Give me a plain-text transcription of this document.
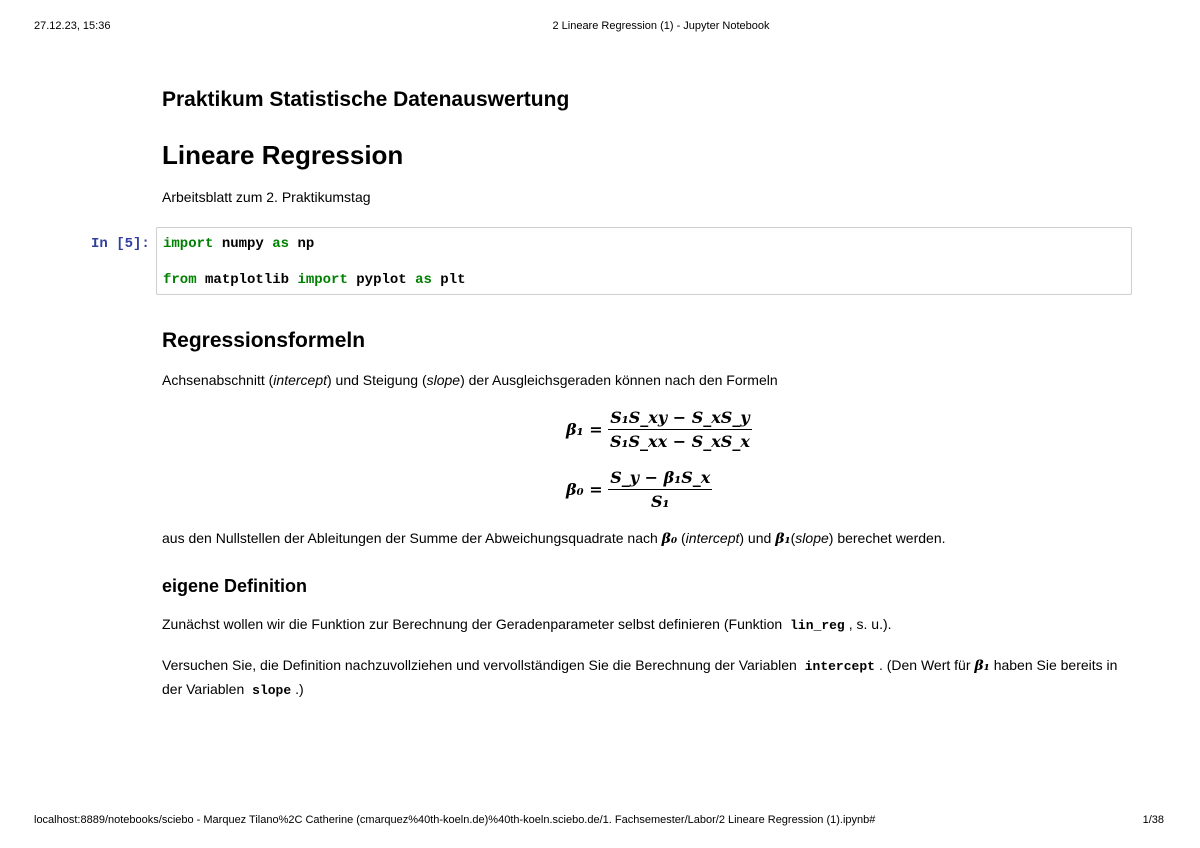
27.12.23, 15:36	2 Lineare Regression (1) - Jupyter Notebook
Praktikum Statistische Datenauswertung
Lineare Regression
Arbeitsblatt zum 2. Praktikumstag
In [5]: import numpy as np
from matplotlib import pyplot as plt
Regressionsformeln
Achsenabschnitt (intercept) und Steigung (slope) der Ausgleichsgeraden können nach den Formeln
$\beta_1 = \frac{\text{S₁S\_xy − S\_xS\_y}}{\text{S₁S\_xx − S\_xS\_x}}$
$\beta_0 = \frac{\text{S\_y − β₁S\_x}}{\text{S₁}}$
aus den Nullstellen der Ableitungen der Summe der Abweichungsquadrate nach β₀ (intercept) und β₁(slope) berechet werden.
eigene Definition
Zunächst wollen wir die Funktion zur Berechnung der Geradenparameter selbst definieren (Funktion lin_reg , s. u.).
Versuchen Sie, die Definition nachzuvollziehen und vervollständigen Sie die Berechnung der Variablen intercept . (Den Wert für β₁ haben Sie bereits in der Variablen slope .)
localhost:8889/notebooks/sciebo - Marquez Tilano%2C Catherine (cmarquez%40th-koeln.de)%40th-koeln.sciebo.de/1. Fachsemester/Labor/2 Lineare Regression (1).ipynb#	1/38
